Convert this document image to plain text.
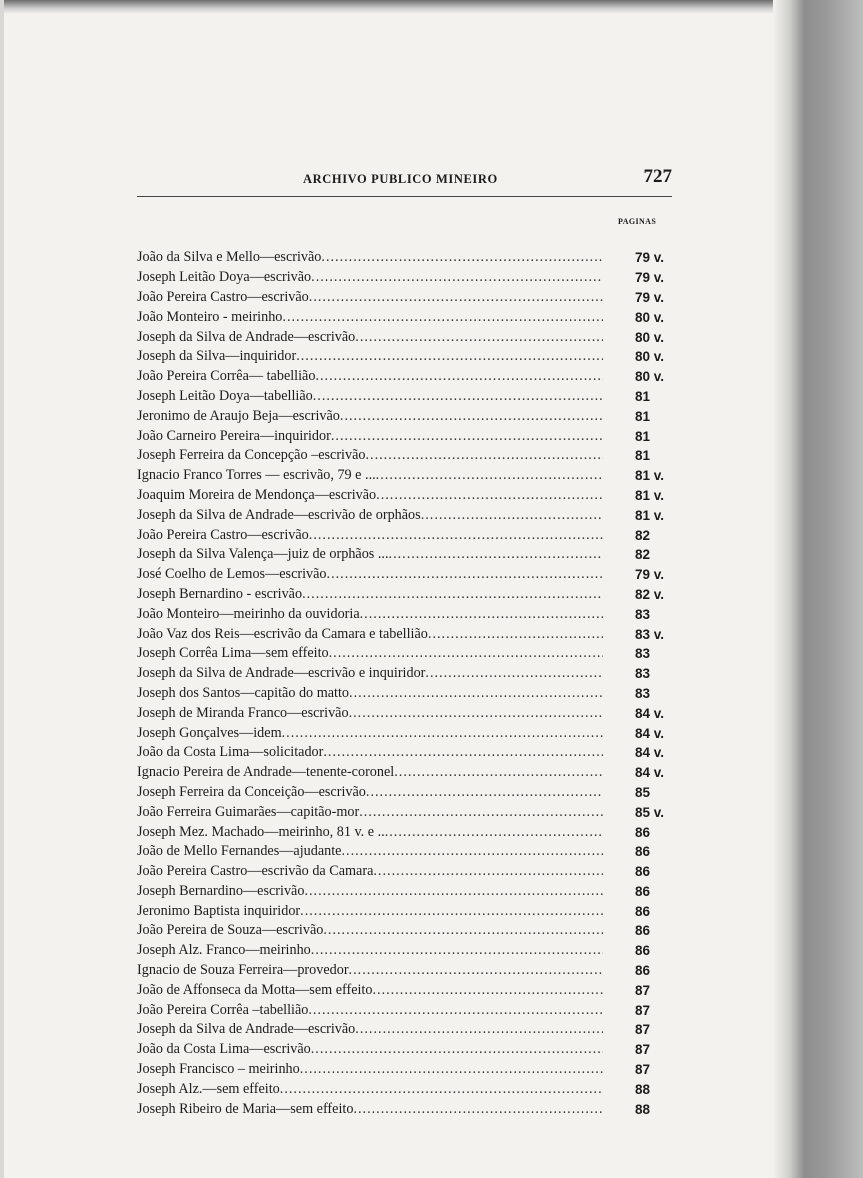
ARCHIVO PUBLICO MINEIRO	727
PAGINAS
João da Silva e Mello—escrivão .....	79 v.
Joseph Leitão Doya—escrivão .....	79 v.
João Pereira Castro—escrivão .....	79 v.
João Monteiro - meirinho .....	80 v.
Joseph da Silva de Andrade—escrivão .....	80 v.
Joseph da Silva—inquiridor .....	80 v.
João Pereira Corrêa— tabellião .....	80 v.
Joseph Leitão Doya—tabellião .....	81
Jeronimo de Araujo Beja—escrivão .....	81
João Carneiro Pereira—inquiridor .....	81
Joseph Ferreira da Concepção –escrivão .....	81
Ignacio Franco Torres — escrivão, 79 e ... .....	81 v.
Joaquim Moreira de Mendonça—escrivão .....	81 v.
Joseph da Silva de Andrade—escrivão de orphãos .....	81 v.
João Pereira Castro—escrivão .....	82
Joseph da Silva Valença—juiz de orphãos ... .....	82
José Coelho de Lemos—escrivão .....	79 v.
Joseph Bernardino - escrivão .....	82 v.
João Monteiro—meirinho da ouvidoria .....	83
João Vaz dos Reis—escrivão da Camara e tabellião .....	83 v.
Joseph Corrêa Lima—sem effeito .....	83
Joseph da Silva de Andrade—escrivão e inquiridor .....	83
Joseph dos Santos—capitão do matto .....	83
Joseph de Miranda Franco—escrivão .....	84 v.
Joseph Gonçalves—idem .....	84 v.
João da Costa Lima—solicitador .....	84 v.
Ignacio Pereira de Andrade—tenente-coronel .....	84 v.
Joseph Ferreira da Conceição—escrivão .....	85
João Ferreira Guimarães—capitão-mor .....	85 v.
Joseph Mez. Machado—meirinho, 81 v. e .. .....	86
João de Mello Fernandes—ajudante .....	86
João Pereira Castro—escrivão da Camara .....	86
Joseph Bernardino—escrivão .....	86
Jeronimo Baptista inquiridor .....	86
João Pereira de Souza—escrivão .....	86
Joseph Alz. Franco—meirinho .....	86
Ignacio de Souza Ferreira—provedor .....	86
João de Affonseca da Motta—sem effeito .....	87
João Pereira Corrêa –tabellião .....	87
Joseph da Silva de Andrade—escrivão .....	87
João da Costa Lima—escrivão .....	87
Joseph Francisco – meirinho .....	87
Joseph Alz.—sem effeito .....	88
Joseph Ribeiro de Maria—sem effeito .....	88
